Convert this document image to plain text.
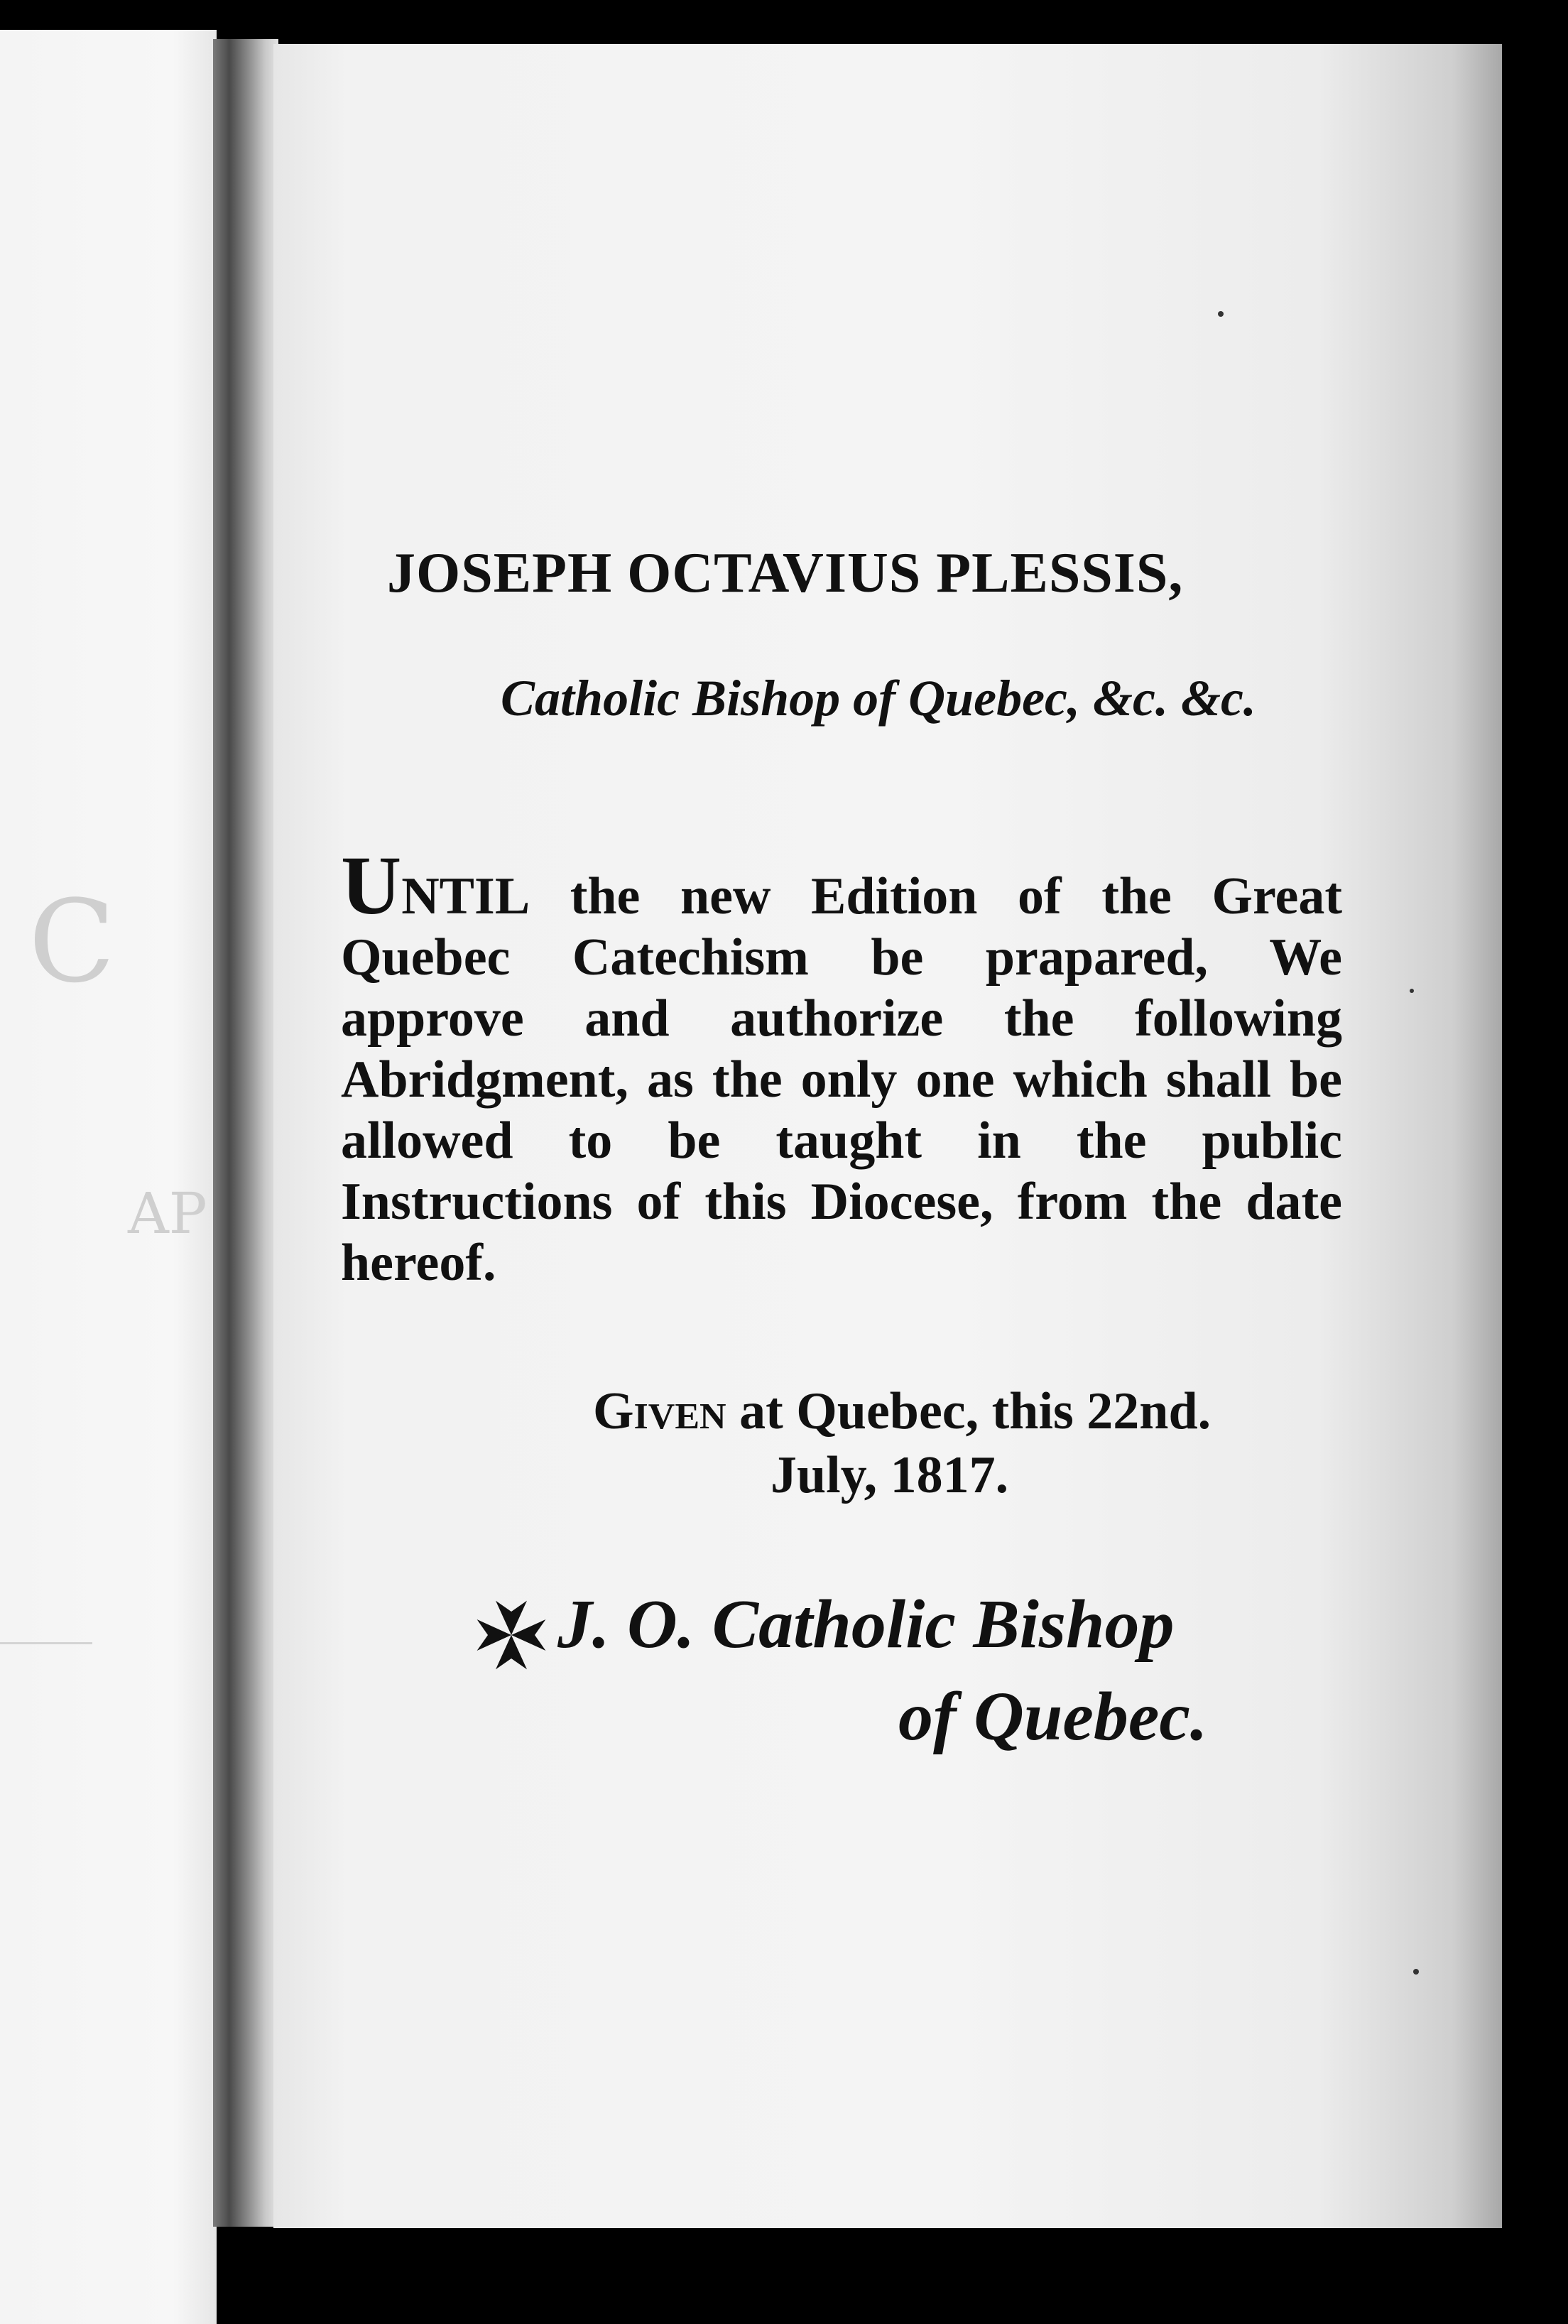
C
AP
JOSEPH OCTAVIUS PLESSIS,
Catholic Bishop of Quebec, &c. &c.
UNTIL the new Edition of the Great Quebec Catechism be prapared, We approve and authorize the following Abridgment, as the only one which shall be allowed to be taught in the public Instructions of this Diocese, from the date hereof.
Given at Quebec, this 22nd.
July, 1817.
J. O. Catholic Bishop
of Quebec.
